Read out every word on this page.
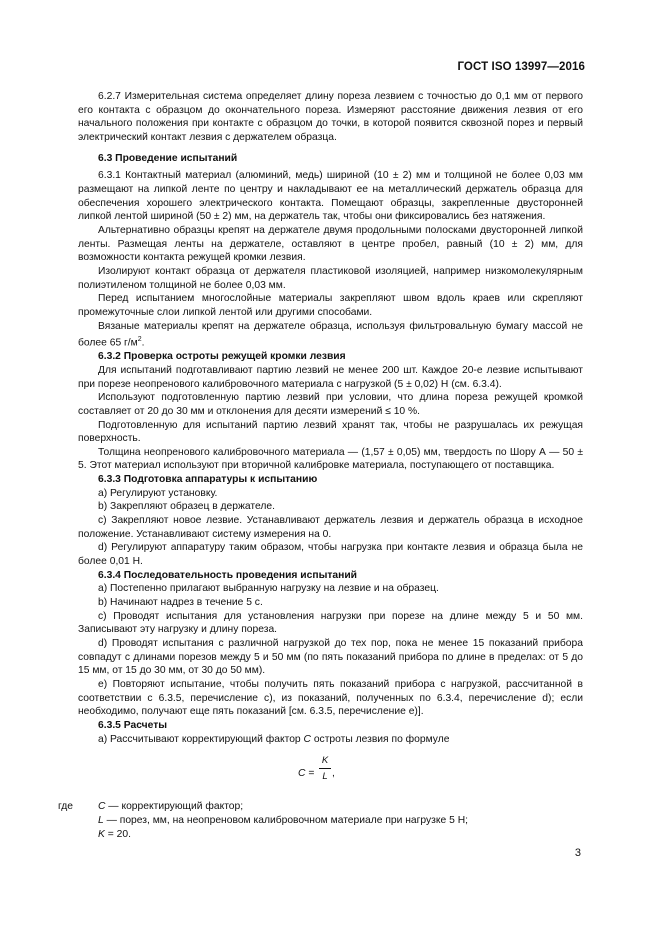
ГОСТ ISO 13997—2016

6.2.7 Измерительная система определяет длину пореза лезвием с точностью до 0,1 мм от первого его контакта с образцом до окончательного пореза. Измеряют расстояние движения лезвия от его начального положения при контакте с образцом до точки, в которой появится сквозной порез и первый электрический контакт лезвия с держателем образца.

6.3 Проведение испытаний

6.3.1 Контактный материал (алюминий, медь) шириной (10 ± 2) мм и толщиной не более 0,03 мм размещают на липкой ленте по центру и накладывают ее на металлический держатель образца для обеспечения хорошего электрического контакта. Помещают образцы, закрепленные двусторонней липкой лентой шириной (50 ± 2) мм, на держатель так, чтобы они фиксировались без натяжения.

Альтернативно образцы крепят на держателе двумя продольными полосками двусторонней липкой ленты. Размещая ленты на держателе, оставляют в центре пробел, равный (10 ± 2) мм, для возможности контакта режущей кромки лезвия.

Изолируют контакт образца от держателя пластиковой изоляцией, например низкомолекулярным полиэтиленом толщиной не более 0,03 мм.

Перед испытанием многослойные материалы закрепляют швом вдоль краев или скрепляют промежуточные слои липкой лентой или другими способами.

Вязаные материалы крепят на держателе образца, используя фильтровальную бумагу массой не более 65 $г/м^2$.

6.3.2 Проверка остроты режущей кромки лезвия

Для испытаний подготавливают партию лезвий не менее 200 шт. Каждое 20-е лезвие испытывают при порезе неопренового калибровочного материала с нагрузкой (5 ± 0,02) Н (см. 6.3.4).

Используют подготовленную партию лезвий при условии, что длина пореза режущей кромкой составляет от 20 до 30 мм и отклонения для десяти измерений ≤ 10 %.

Подготовленную для испытаний партию лезвий хранят так, чтобы не разрушалась их режущая поверхность.

Толщина неопренового калибровочного материала — (1,57 ± 0,05) мм, твердость по Шору А — 50 ± 5. Этот материал используют при вторичной калибровке материала, поступающего от поставщика.

6.3.3 Подготовка аппаратуры к испытанию

a) Регулируют установку.

b) Закрепляют образец в держателе.

c) Закрепляют новое лезвие. Устанавливают держатель лезвия и держатель образца в исходное положение. Устанавливают систему измерения на 0.

d) Регулируют аппаратуру таким образом, чтобы нагрузка при контакте лезвия и образца была не более 0,01 Н.

6.3.4 Последовательность проведения испытаний

a) Постепенно прилагают выбранную нагрузку на лезвие и на образец.

b) Начинают надрез в течение 5 с.

c) Проводят испытания для установления нагрузки при порезе на длине между 5 и 50 мм. Записывают эту нагрузку и длину пореза.

d) Проводят испытания с различной нагрузкой до тех пор, пока не менее 15 показаний прибора совпадут с длинами порезов между 5 и 50 мм (по пять показаний прибора по длине в пределах: от 5 до 15 мм, от 15 до 30 мм, от 30 до 50 мм).

e) Повторяют испытание, чтобы получить пять показаний прибора с нагрузкой, рассчитанной в соответствии с 6.3.5, перечисление c), из показаний, полученных по 6.3.4, перечисление d); если необходимо, получают еще пять показаний [см. 6.3.5, перечисление e)].

6.3.5 Расчеты

a) Рассчитывают корректирующий фактор C остроты лезвия по формуле

C =
K
L ,
где C — корректирующий фактор;
L — порез, мм, на неопреновом калибровочном материале при нагрузке 5 Н;
K = 20.
3
